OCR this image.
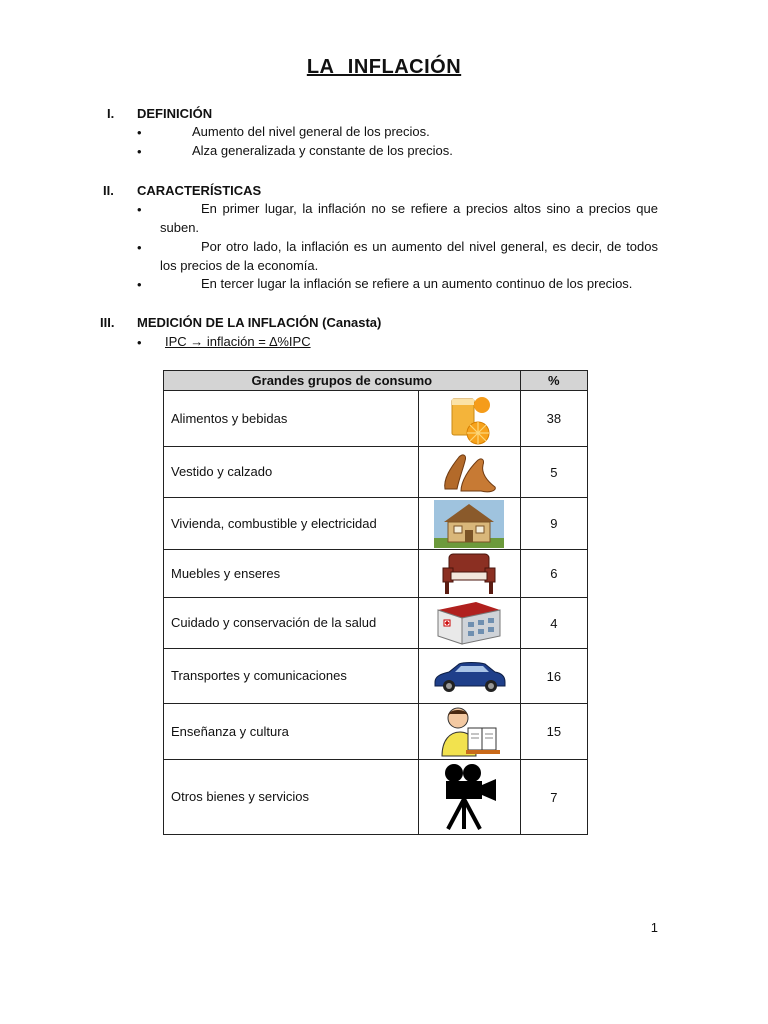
LA INFLACIÓN
I. DEFINICIÓN
•	Aumento del nivel general de los precios.
•	Alza generalizada y constante de los precios.
II. CARACTERÍSTICAS
•	En primer lugar, la inflación no se refiere a precios altos sino a precios que
suben.
•	Por otro lado, la inflación es un aumento del nivel general, es decir, de todos
los precios de la economía.
•	En tercer lugar la inflación se refiere a un aumento continuo de los precios.
III. MEDICIÓN DE LA INFLACIÓN (Canasta)
• IPC → inflación = ∆%IPC
Grandes grupos de consumo		%
Alimentos y bebidas		38
Vestido y calzado		5
Vivienda, combustible y electricidad		9
Muebles y enseres		6
Cuidado y conservación de la salud		4
Transportes y comunicaciones		16
Enseñanza y cultura		15
Otros bienes y servicios		7
1
